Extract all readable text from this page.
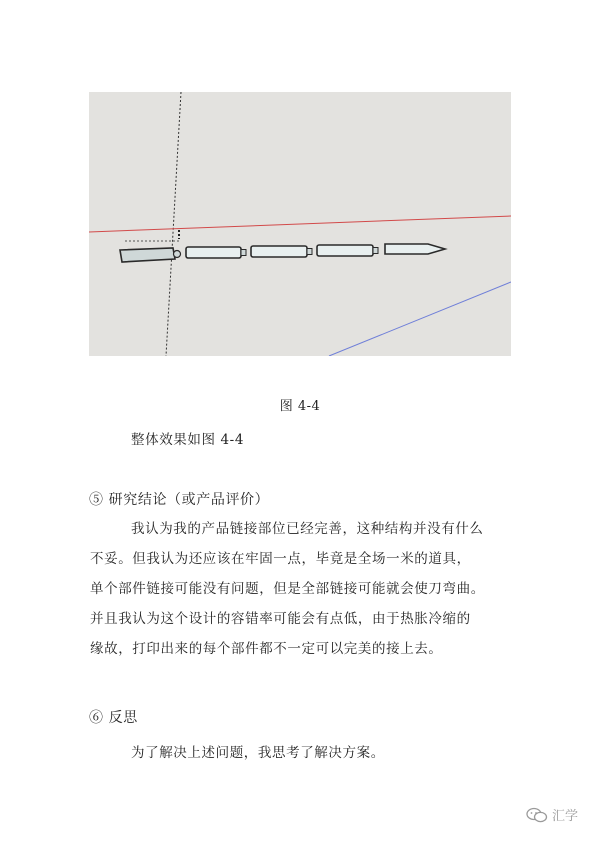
图 4-4
整体效果如图 4-4
⑤ 研究结论（或产品评价）
我认为我的产品链接部位已经完善，这种结构并没有什么
不妥。但我认为还应该在牢固一点，毕竟是全场一米的道具，
单个部件链接可能没有问题，但是全部链接可能就会使刀弯曲。
并且我认为这个设计的容错率可能会有点低，由于热胀冷缩的
缘故，打印出来的每个部件都不一定可以完美的接上去。
⑥ 反思
为了解决上述问题，我思考了解决方案。
汇学
